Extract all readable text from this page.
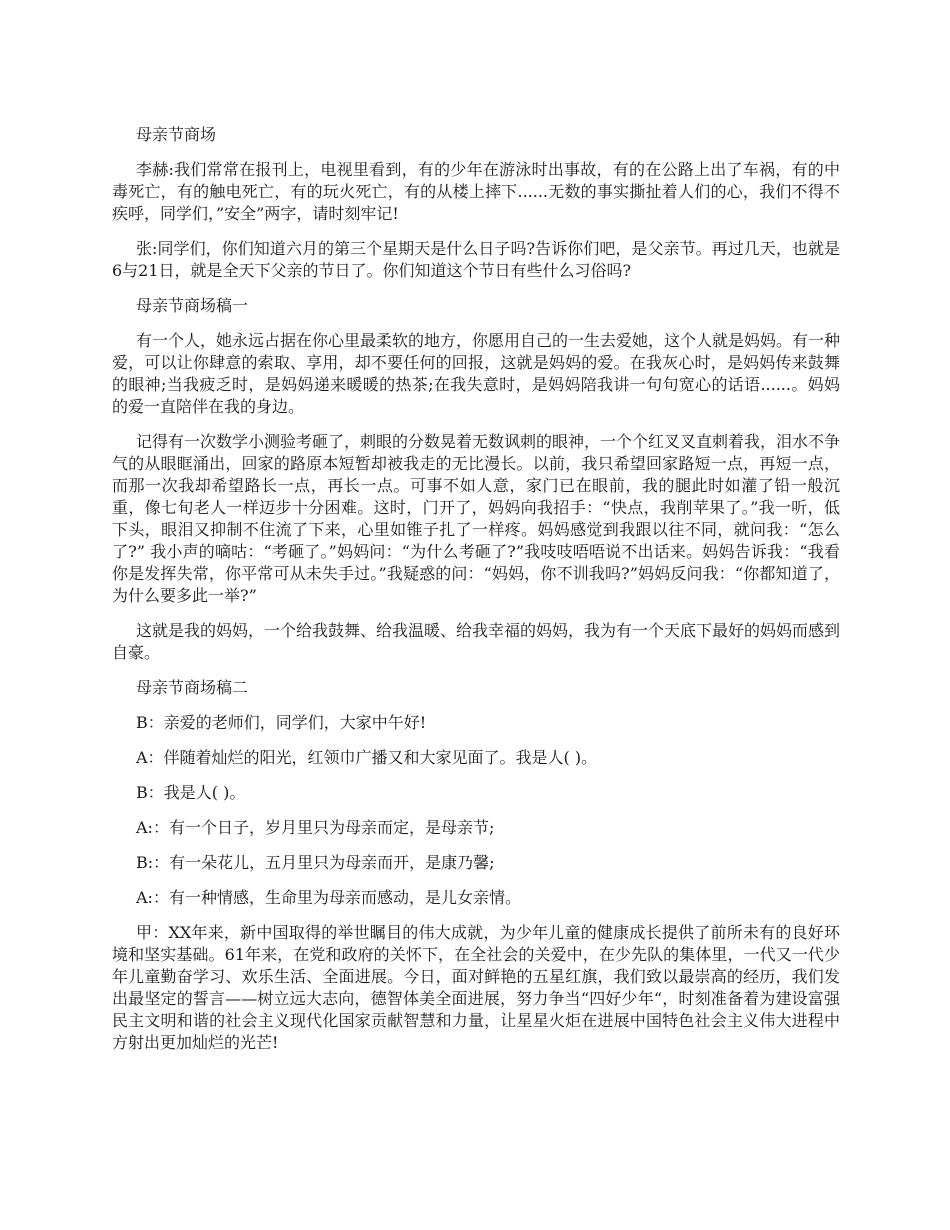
母亲节商场
李赫:我们常常在报刊上，电视里看到，有的少年在游泳时出事故，有的在公路上出了车祸，有的中毒死亡，有的触电死亡，有的玩火死亡，有的从楼上摔下......无数的事实撕扯着人们的心，我们不得不疾呼，同学们，”安全”两字，请时刻牢记!
张:同学们，你们知道六月的第三个星期天是什么日子吗?告诉你们吧，是父亲节。再过几天，也就是6与21日，就是全天下父亲的节日了。你们知道这个节日有些什么习俗吗?
母亲节商场稿一
有一个人，她永远占据在你心里最柔软的地方，你愿用自己的一生去爱她，这个人就是妈妈。有一种爱，可以让你肆意的索取、享用，却不要任何的回报，这就是妈妈的爱。在我灰心时，是妈妈传来鼓舞的眼神;当我疲乏时，是妈妈递来暖暖的热茶;在我失意时，是妈妈陪我讲一句句宽心的话语......。妈妈的爱一直陪伴在我的身边。
记得有一次数学小测验考砸了，刺眼的分数晃着无数讽刺的眼神，一个个红叉叉直刺着我，泪水不争气的从眼眶涌出，回家的路原本短暂却被我走的无比漫长。以前，我只希望回家路短一点，再短一点，而那一次我却希望路长一点，再长一点。可事不如人意，家门已在眼前，我的腿此时如灌了铅一般沉重，像七旬老人一样迈步十分困难。这时，门开了，妈妈向我招手：“快点，我削苹果了。”我一听，低下头，眼泪又抑制不住流了下来，心里如锥子扎了一样疼。妈妈感觉到我跟以往不同，就问我：“怎么了?” 我小声的嘀咕：“考砸了。”妈妈问：“为什么考砸了?”我吱吱唔唔说不出话来。妈妈告诉我：“我看你是发挥失常，你平常可从未失手过。”我疑惑的问：“妈妈，你不训我吗?”妈妈反问我：“你都知道了，为什么要多此一举?”
这就是我的妈妈，一个给我鼓舞、给我温暖、给我幸福的妈妈，我为有一个天底下最好的妈妈而感到自豪。
母亲节商场稿二
B：亲爱的老师们，同学们，大家中午好!
A：伴随着灿烂的阳光，红领巾广播又和大家见面了。我是人( )。
B：我是人( )。
A:：有一个日子，岁月里只为母亲而定，是母亲节;
B:：有一朵花儿，五月里只为母亲而开，是康乃馨;
A:：有一种情感，生命里为母亲而感动，是儿女亲情。
甲：XX年来，新中国取得的举世瞩目的伟大成就，为少年儿童的健康成长提供了前所未有的良好环境和坚实基础。61年来，在党和政府的关怀下，在全社会的关爱中，在少先队的集体里，一代又一代少年儿童勤奋学习、欢乐生活、全面进展。今日，面对鲜艳的五星红旗，我们致以最崇高的经历，我们发出最坚定的誓言——树立远大志向，德智体美全面进展，努力争当“四好少年“，时刻准备着为建设富强民主文明和谐的社会主义现代化国家贡献智慧和力量，让星星火炬在进展中国特色社会主义伟大进程中方射出更加灿烂的光芒!
